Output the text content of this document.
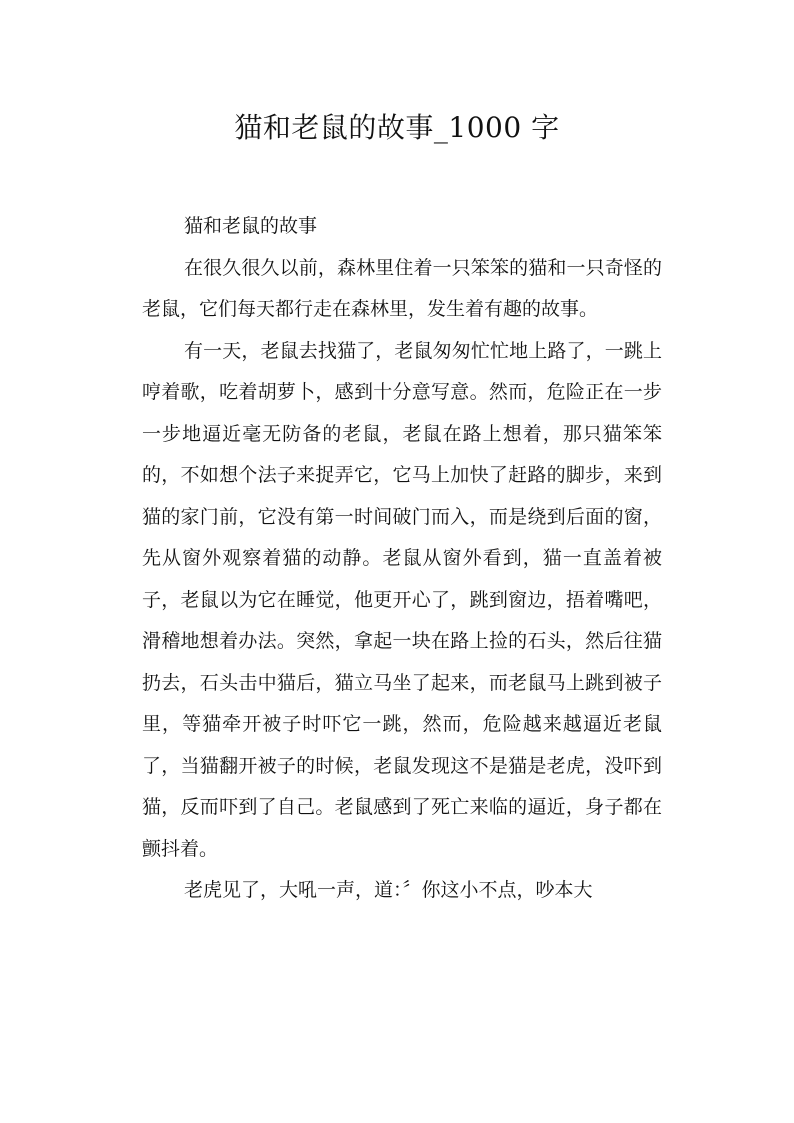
猫和老鼠的故事_1000 字

猫和老鼠的故事

在很久很久以前，森林里住着一只笨笨的猫和一只奇怪的老鼠，它们每天都行走在森林里，发生着有趣的故事。

有一天，老鼠去找猫了，老鼠匆匆忙忙地上路了，一跳上哼着歌，吃着胡萝卜，感到十分意写意。然而，危险正在一步一步地逼近毫无防备的老鼠，老鼠在路上想着，那只猫笨笨的，不如想个法子来捉弄它，它马上加快了赶路的脚步，来到猫的家门前，它没有第一时间破门而入，而是绕到后面的窗，先从窗外观察着猫的动静。老鼠从窗外看到，猫一直盖着被子，老鼠以为它在睡觉，他更开心了，跳到窗边，捂着嘴吧，滑稽地想着办法。突然，拿起一块在路上捡的石头，然后往猫扔去，石头击中猫后，猫立马坐了起来，而老鼠马上跳到被子里，等猫牵开被子时吓它一跳，然而，危险越来越逼近老鼠了，当猫翻开被子的时候，老鼠发现这不是猫是老虎，没吓到猫，反而吓到了自己。老鼠感到了死亡来临的逼近，身子都在颤抖着。

老虎见了，大吼一声，道：〞你这小不点，吵本大
